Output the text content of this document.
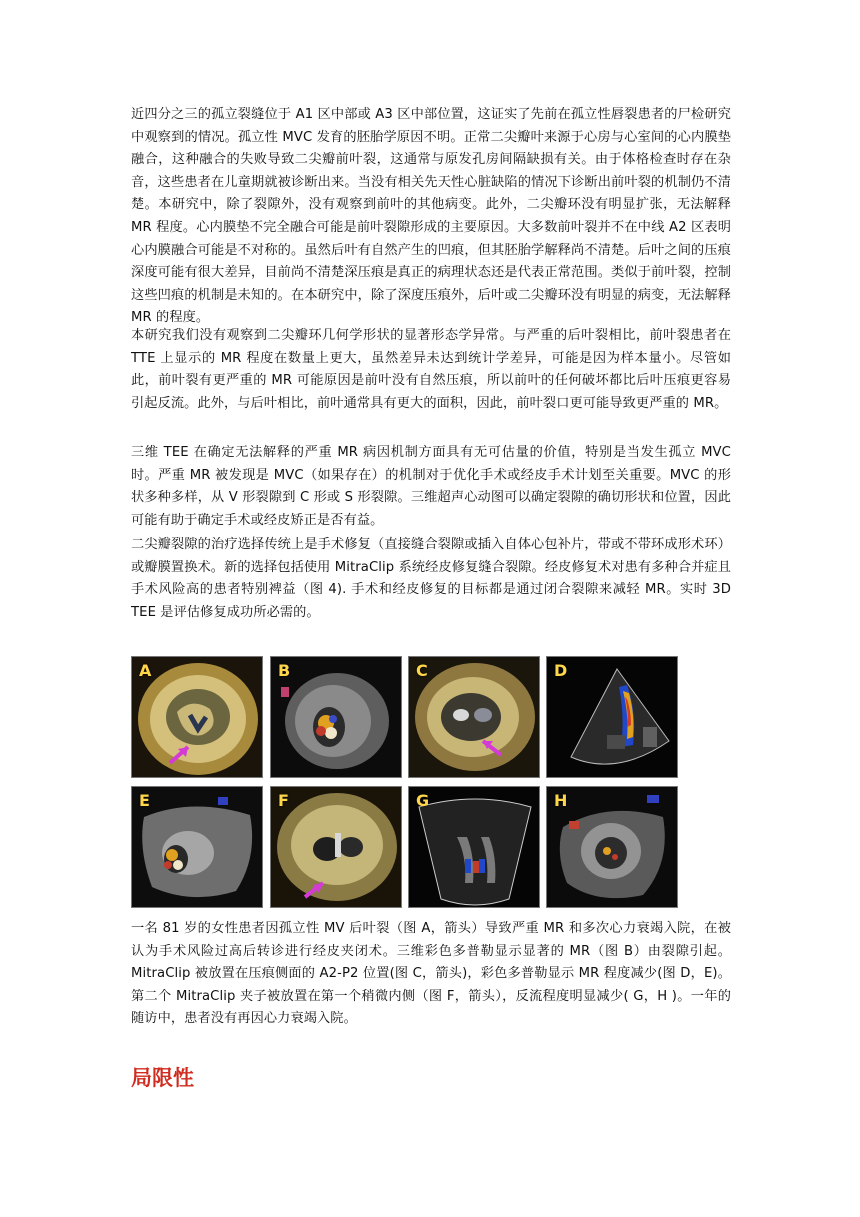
近四分之三的孤立裂缝位于 A1 区中部或 A3 区中部位置，这证实了先前在孤立性唇裂患者的尸检研究中观察到的情况。孤立性 MVC 发育的胚胎学原因不明。正常二尖瓣叶来源于心房与心室间的心内膜垫融合，这种融合的失败导致二尖瓣前叶裂，这通常与原发孔房间隔缺损有关。由于体格检查时存在杂音，这些患者在儿童期就被诊断出来。当没有相关先天性心脏缺陷的情况下诊断出前叶裂的机制仍不清楚。本研究中，除了裂隙外，没有观察到前叶的其他病变。此外，二尖瓣环没有明显扩张，无法解释 MR 程度。心内膜垫不完全融合可能是前叶裂隙形成的主要原因。大多数前叶裂并不在中线 A2 区表明心内膜融合可能是不对称的。虽然后叶有自然产生的凹痕，但其胚胎学解释尚不清楚。后叶之间的压痕深度可能有很大差异，目前尚不清楚深压痕是真正的病理状态还是代表正常范围。类似于前叶裂，控制这些凹痕的机制是未知的。在本研究中，除了深度压痕外，后叶或二尖瓣环没有明显的病变，无法解释 MR 的程度。

本研究我们没有观察到二尖瓣环几何学形状的显著形态学异常。与严重的后叶裂相比，前叶裂患者在 TTE 上显示的 MR 程度在数量上更大，虽然差异未达到统计学差异，可能是因为样本量小。尽管如此，前叶裂有更严重的 MR 可能原因是前叶没有自然压痕，所以前叶的任何破坏都比后叶压痕更容易引起反流。此外，与后叶相比，前叶通常具有更大的面积，因此，前叶裂口更可能导致更严重的 MR。

三维 TEE 在确定无法解释的严重 MR 病因机制方面具有无可估量的价值，特别是当发生孤立 MVC 时。严重 MR 被发现是 MVC（如果存在）的机制对于优化手术或经皮手术计划至关重要。MVC 的形状多种多样，从 V 形裂隙到 C 形或 S 形裂隙。三维超声心动图可以确定裂隙的确切形状和位置，因此可能有助于确定手术或经皮矫正是否有益。

二尖瓣裂隙的治疗选择传统上是手术修复（直接缝合裂隙或插入自体心包补片，带或不带环成形术环）或瓣膜置换术。新的选择包括使用 MitraClip 系统经皮修复缝合裂隙。经皮修复术对患有多种合并症且手术风险高的患者特别裨益（图 4). 手术和经皮修复的目标都是通过闭合裂隙来减轻 MR。实时 3D TEE 是评估修复成功所必需的。

A	B	C	D
E	F	G	H

一名 81 岁的女性患者因孤立性 MV 后叶裂（图 A，箭头）导致严重 MR 和多次心力衰竭入院，在被认为手术风险过高后转诊进行经皮夹闭术。三维彩色多普勒显示显著的 MR（图 B）由裂隙引起。MitraClip 被放置在压痕侧面的 A2-P2 位置(图 C，箭头)，彩色多普勒显示 MR 程度减少(图 D，E)。第二个 MitraClip 夹子被放置在第一个稍微内侧（图 F，箭头），反流程度明显减少( G，H )。一年的随访中，患者没有再因心力衰竭入院。

局限性
